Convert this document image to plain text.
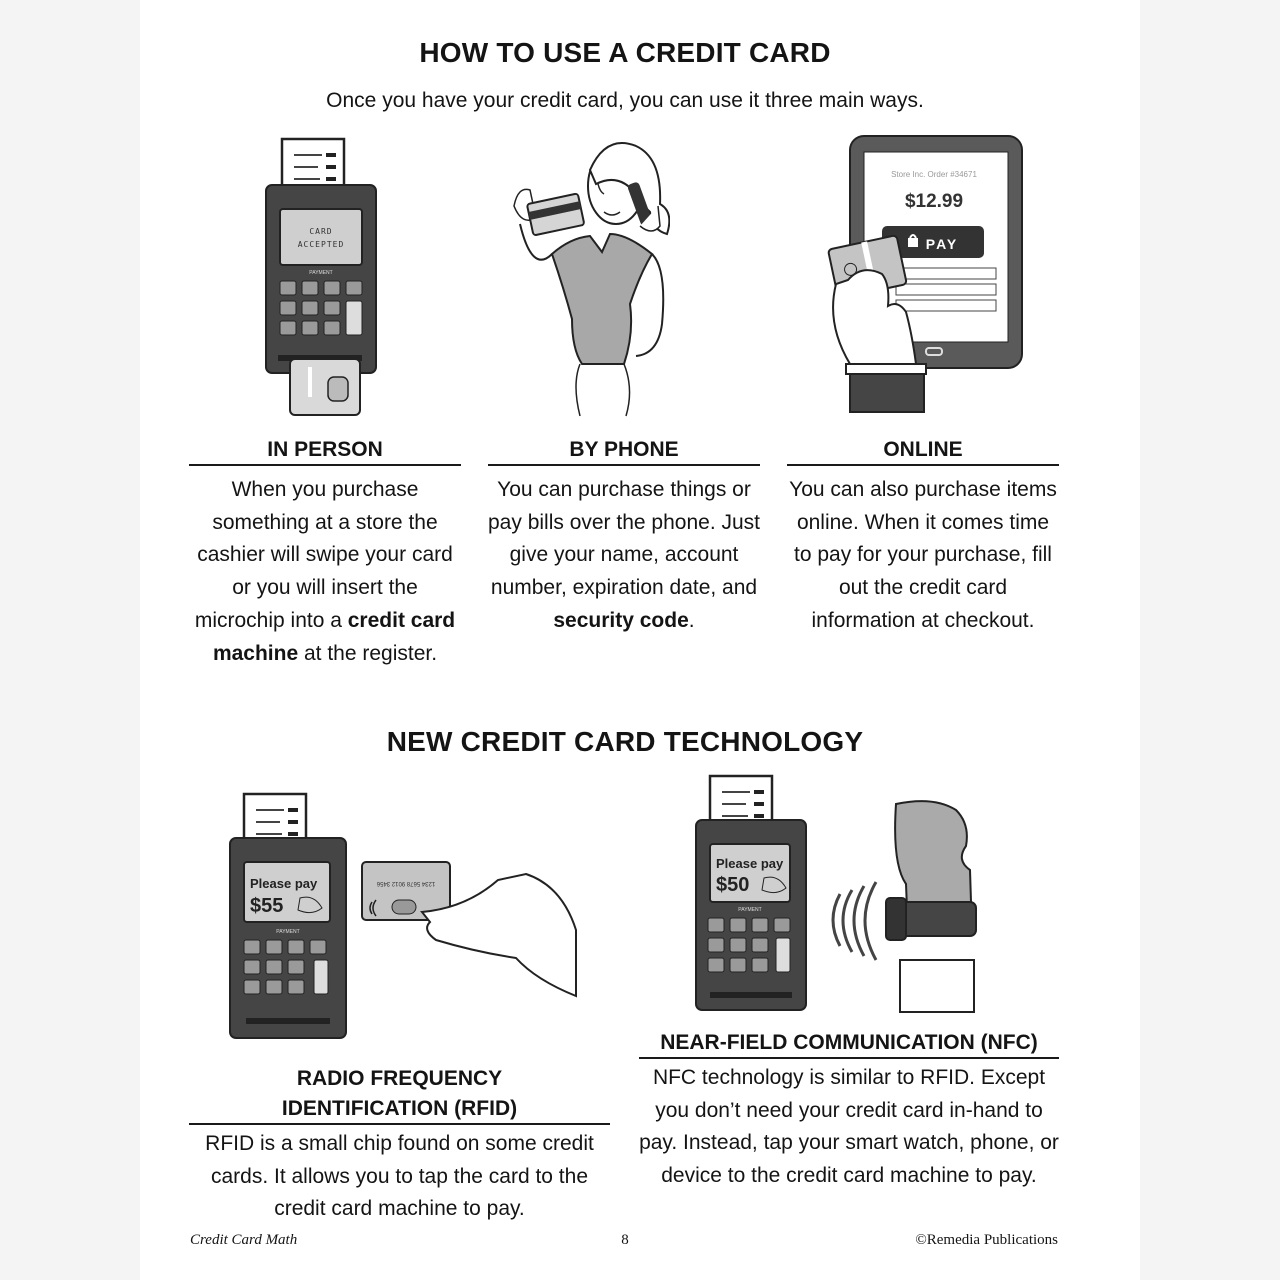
HOW TO USE A CREDIT CARD
Once you have your credit card, you can use it three main ways.
CARD
ACCEPTED
PAYMENT
Store Inc. Order #34671
$12.99
PAY
IN PERSON	BY PHONE	ONLINE
When you purchase something at a store the cashier will swipe your card or you will insert the microchip into a credit card machine at the register.
You can purchase things or pay bills over the phone. Just give your name, account number, expiration date, and security code.
You can also purchase items online. When it comes time to pay for your purchase, fill out the credit card information at checkout.
NEW CREDIT CARD TECHNOLOGY
Please pay
$55
PAYMENT
1234 5678 9012 3456
Please pay
$50
PAYMENT
RADIO FREQUENCY
IDENTIFICATION (RFID)
RFID is a small chip found on some credit cards. It allows you to tap the card to the credit card machine to pay.
NEAR-FIELD COMMUNICATION (NFC)
NFC technology is similar to RFID. Except you don’t need your credit card in-hand to pay. Instead, tap your smart watch, phone, or device to the credit card machine to pay.
Credit Card Math	8	©Remedia Publications
